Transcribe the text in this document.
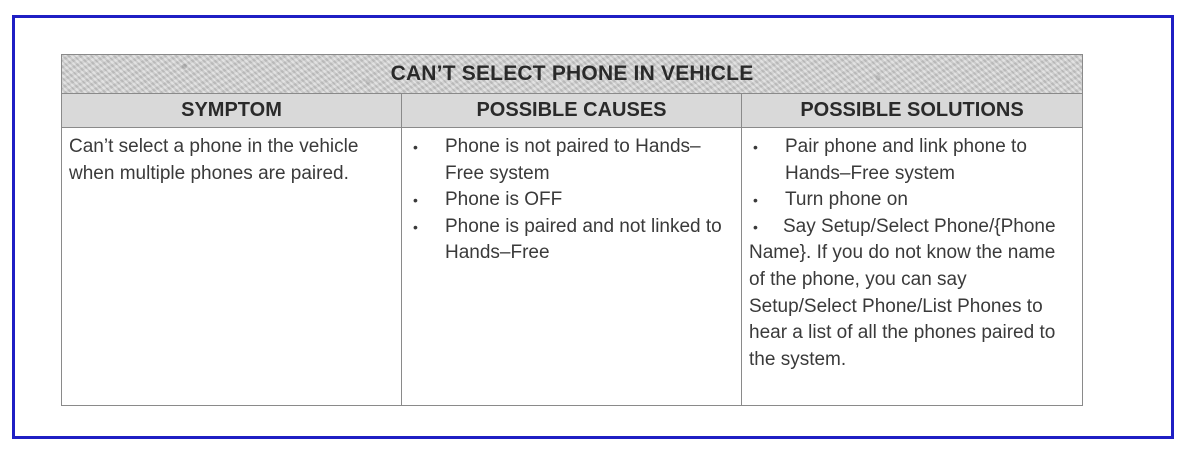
CAN’T SELECT PHONE IN VEHICLE
SYMPTOM	POSSIBLE CAUSES	POSSIBLE SOLUTIONS
Can’t select a phone in the vehicle when multiple phones are paired.
• Phone is not paired to Hands–Free system
• Phone is OFF
• Phone is paired and not linked to Hands–Free
• Pair phone and link phone to Hands–Free system
• Turn phone on

• Say Setup/Select Phone/{Phone Name}. If you do not know the name of the phone, you can say Setup/Select Phone/List Phones to hear a list of all the phones paired to the system.
